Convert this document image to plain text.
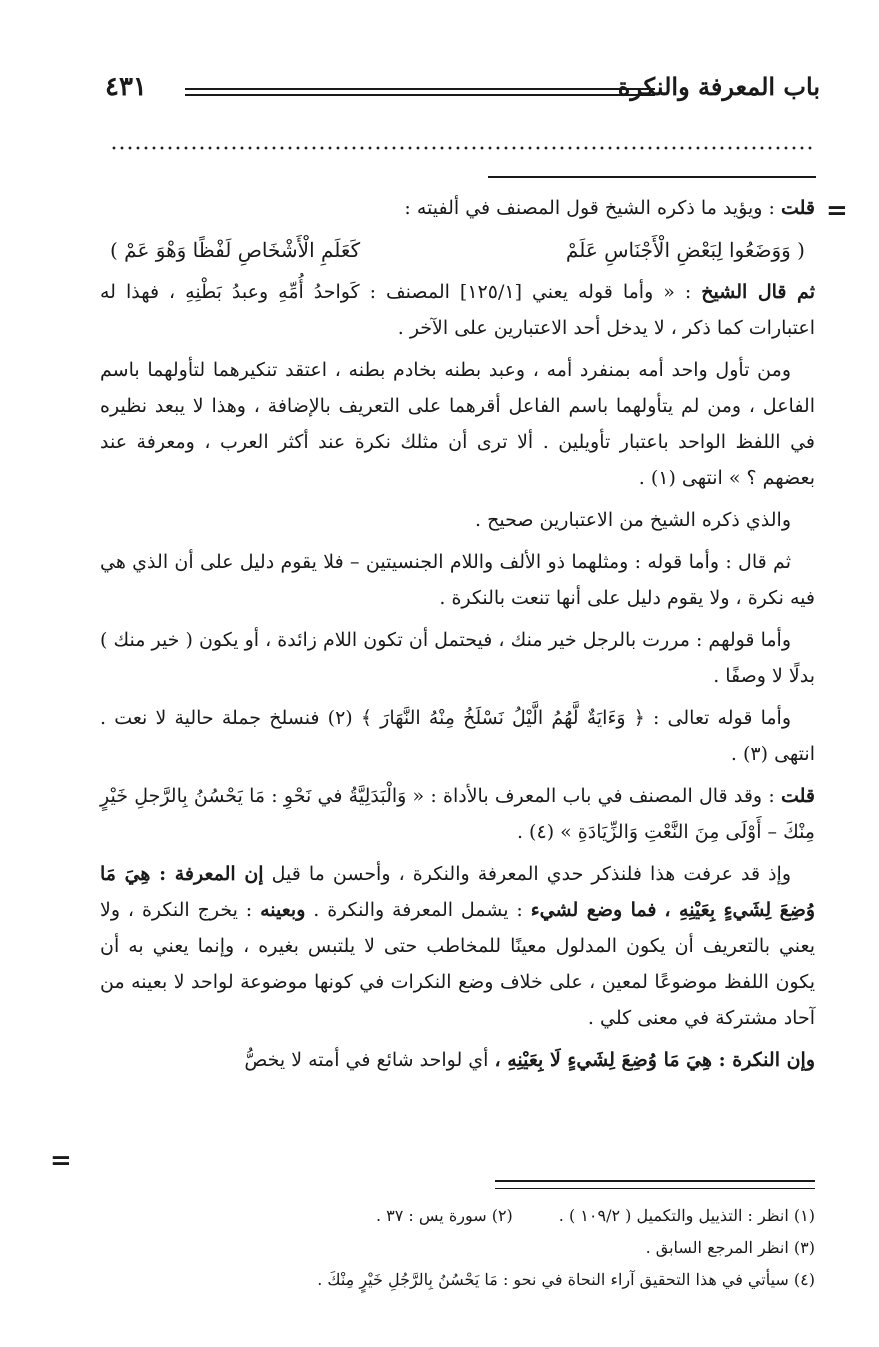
باب المعرفة والنكرة
٤٣١
=
=

قلت : ويؤيد ما ذكره الشيخ قول المصنف في ألفيته :

( وَوَضَعُوا لِبَعْضِ الْأَجْنَاسِ عَلَمْ
كَعَلَمِ الْأَشْخَاصِ لَفْظًا وَهْوَ عَمْ )

ثم قال الشيخ : « وأما قوله يعني [١٢٥/١] المصنف : كَواحدُ أُمِّهِ وعبدُ بَطْنِهِ ، فهذا له اعتبارات كما ذكر ، لا يدخل أحد الاعتبارين على الآخر .

ومن تأول واحد أمه بمنفرد أمه ، وعبد بطنه بخادم بطنه ، اعتقد تنكيرهما لتأولهما باسم الفاعل ، ومن لم يتأولهما باسم الفاعل أقرهما على التعريف بالإضافة ، وهذا لا يبعد نظيره في اللفظ الواحد باعتبار تأويلين . ألا ترى أن مثلك نكرة عند أكثر العرب ، ومعرفة عند بعضهم ؟ » انتهى (١) .

والذي ذكره الشيخ من الاعتبارين صحيح .

ثم قال : وأما قوله : ومثلهما ذو الألف واللام الجنسيتين – فلا يقوم دليل على أن الذي هي فيه نكرة ، ولا يقوم دليل على أنها تنعت بالنكرة .

وأما قولهم : مررت بالرجل خير منك ، فيحتمل أن تكون اللام زائدة ، أو يكون ( خير منك ) بدلًا لا وصفًا .

وأما قوله تعالى : ﴿ وَءَايَةٌ لَّهُمُ الَّيْلُ نَسْلَخُ مِنْهُ النَّهَارَ ﴾ (٢) فنسلخ جملة حالية لا نعت . انتهى (٣) .

قلت : وقد قال المصنف في باب المعرف بالأداة : « وَالْبَدَلِيَّةُ في نَحْوِ : مَا يَحْسُنُ بِالرَّجلِ خَيْرٍ مِنْكَ – أَوْلَى مِنَ النَّعْتِ وَالزِّيَادَةِ » (٤) .

وإذ قد عرفت هذا فلنذكر حدي المعرفة والنكرة ، وأحسن ما قيل إن المعرفة : هِيَ مَا وُضِعَ لِشَيءٍ بِعَيْنِهِ ، فما وضع لشيء : يشمل المعرفة والنكرة . وبعينه : يخرج النكرة ، ولا يعني بالتعريف أن يكون المدلول معينًا للمخاطب حتى لا يلتبس بغيره ، وإنما يعني به أن يكون اللفظ موضوعًا لمعين ، على خلاف وضع النكرات في كونها موضوعة لواحد لا بعينه من آحاد مشتركة في معنى كلي .

وإن النكرة : هِيَ مَا وُضِعَ لِشَيءٍ لَا بِعَيْنِهِ ، أي لواحد شائع في أمته لا يخصُّ

(١) انظر : التذييل والتكميل ( ١٠٩/٢ ) .
(٢) سورة يس : ٣٧ .
(٣) انظر المرجع السابق .
(٤) سيأتي في هذا التحقيق آراء النحاة في نحو : مَا يَحْسُنُ بِالرَّجُلِ خَيْرٍ مِنْكَ .
